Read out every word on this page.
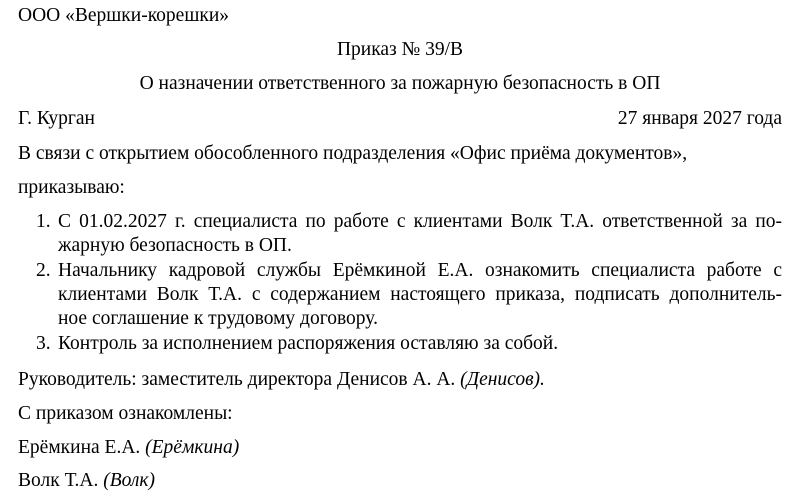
ООО «Вершки-корешки»
Приказ № 39/В
О назначении ответственного за пожарную безопасность в ОП
Г. Курган	27 января 2027 года
В связи с открытием обособленного подразделения «Офис приёма документов»,
приказываю:
1. С 01.02.2027 г. специалиста по работе с клиентами Волк Т.А. ответственной за по-
жарную безопасность в ОП.
2. Начальнику кадровой службы Ерёмкиной Е.А. ознакомить специалиста работе с
клиентами Волк Т.А. с содержанием настоящего приказа, подписать дополнитель-
ное соглашение к трудовому договору.
3. Контроль за исполнением распоряжения оставляю за собой.
Руководитель: заместитель директора Денисов А. А. (Денисов).
С приказом ознакомлены:
Ерёмкина Е.А. (Ерёмкина)
Волк Т.А. (Волк)
